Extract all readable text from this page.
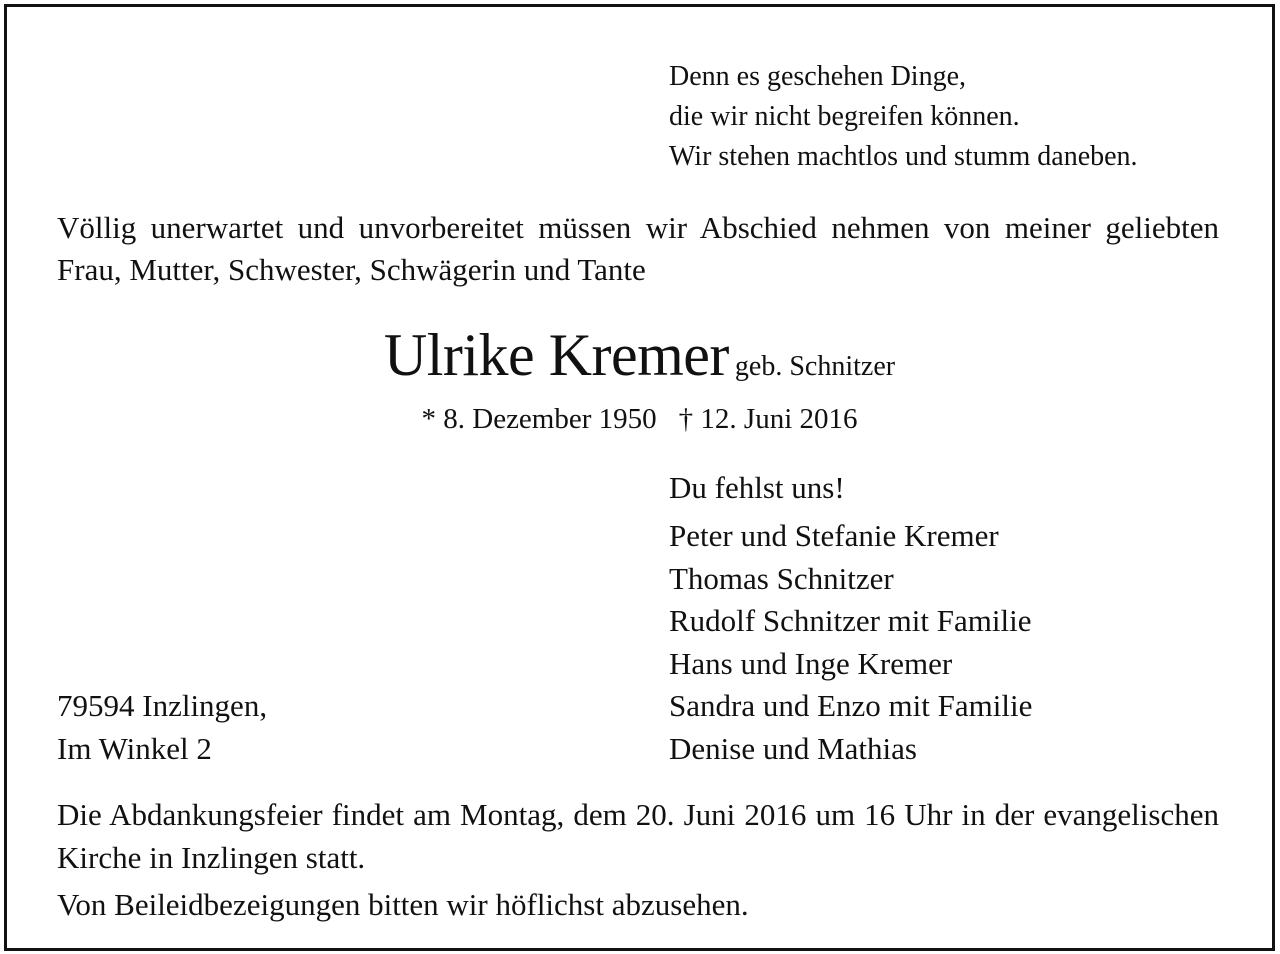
Denn es geschehen Dinge,
die wir nicht begreifen können.
Wir stehen machtlos und stumm daneben.
Völlig unerwartet und unvorbereitet müssen wir Abschied nehmen von meiner geliebten Frau, Mutter, Schwester, Schwägerin und Tante
Ulrike Kremer geb. Schnitzer
* 8. Dezember 1950 † 12. Juni 2016
Du fehlst uns!
Peter und Stefanie Kremer
Thomas Schnitzer
Rudolf Schnitzer mit Familie
Hans und Inge Kremer
Sandra und Enzo mit Familie
Denise und Mathias
79594 Inzlingen,
Im Winkel 2
Die Abdankungsfeier findet am Montag, dem 20. Juni 2016 um 16 Uhr in der evangelischen Kirche in Inzlingen statt.
Von Beileidbezeigungen bitten wir höflichst abzusehen.
